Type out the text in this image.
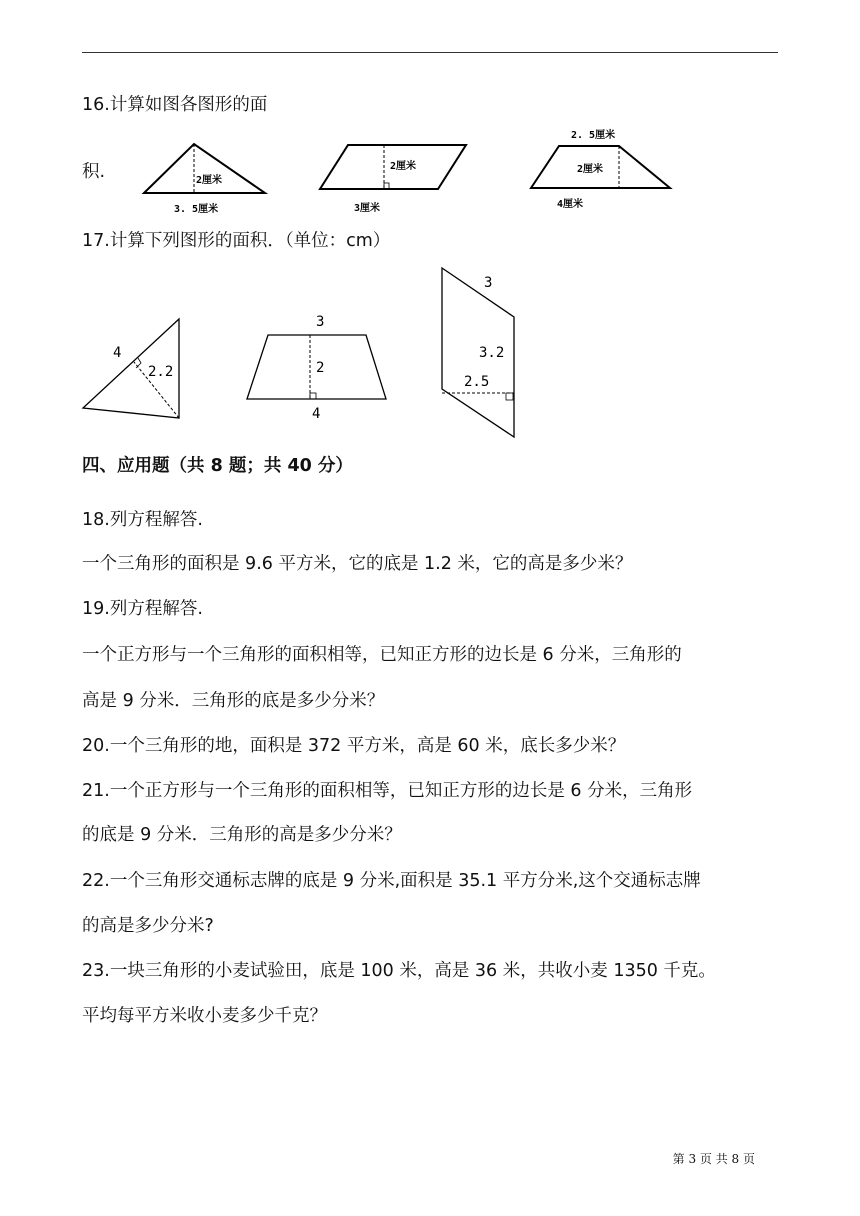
16.计算如图各图形的面
积.	2厘米
3. 5厘米
2厘米
3厘米
2. 5厘米
2厘米
4厘米
17.计算下列图形的面积．（单位：cm）
4
2.2
3
2
4
3
3.2
2.5
四、应用题（共 8 题；共 40 分）
18.列方程解答.
一个三角形的面积是 9.6 平方米，它的底是 1.2 米，它的高是多少米？
19.列方程解答.
一个正方形与一个三角形的面积相等，已知正方形的边长是 6 分米，三角形的
高是 9 分米．三角形的底是多少分米？
20.一个三角形的地，面积是 372 平方米，高是 60 米，底长多少米？
21.一个正方形与一个三角形的面积相等，已知正方形的边长是 6 分米，三角形
的底是 9 分米．三角形的高是多少分米？
22.一个三角形交通标志牌的底是 9 分米,面积是 35.1 平方分米,这个交通标志牌
的高是多少分米?
23.一块三角形的小麦试验田，底是 100 米，高是 36 米，共收小麦 1350 千克。
平均每平方米收小麦多少千克？
第 3 页 共 8 页
